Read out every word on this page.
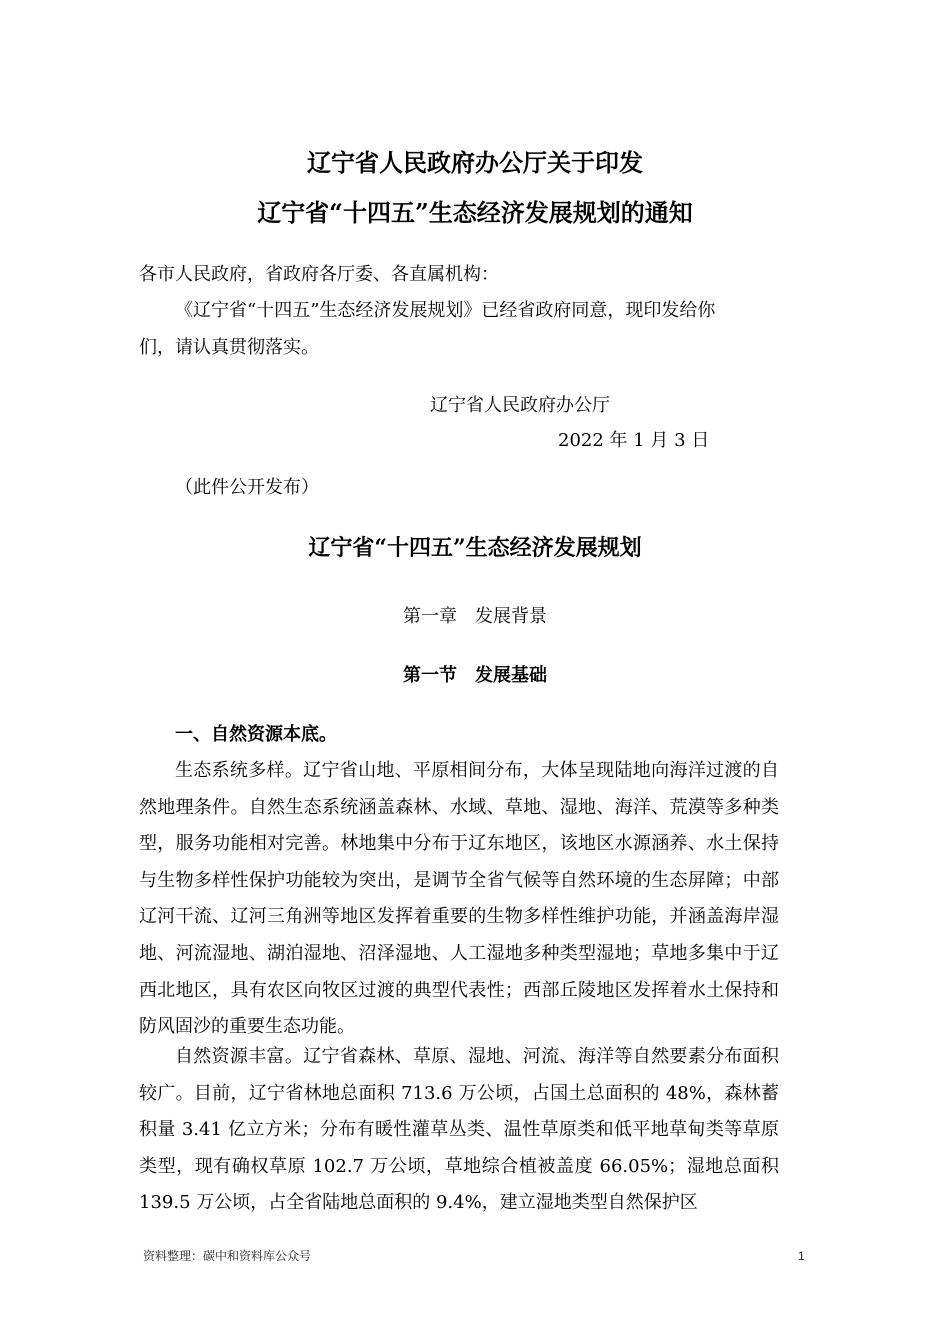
辽宁省人民政府办公厅关于印发
辽宁省“十四五”生态经济发展规划的通知
各市人民政府，省政府各厅委、各直属机构：
《辽宁省“十四五”生态经济发展规划》已经省政府同意，现印发给你
们，请认真贯彻落实。
辽宁省人民政府办公厅
2022 年 1 月 3 日
（此件公开发布）
辽宁省“十四五”生态经济发展规划
第一章　发展背景
第一节　发展基础
一、自然资源本底。

生态系统多样。辽宁省山地、平原相间分布，大体呈现陆地向海洋过渡的自然地理条件。自然生态系统涵盖森林、水域、草地、湿地、海洋、荒漠等多种类型，服务功能相对完善。林地集中分布于辽东地区，该地区水源涵养、水土保持与生物多样性保护功能较为突出，是调节全省气候等自然环境的生态屏障；中部辽河干流、辽河三角洲等地区发挥着重要的生物多样性维护功能，并涵盖海岸湿地、河流湿地、湖泊湿地、沼泽湿地、人工湿地多种类型湿地；草地多集中于辽西北地区，具有农区向牧区过渡的典型代表性；西部丘陵地区发挥着水土保持和防风固沙的重要生态功能。

自然资源丰富。辽宁省森林、草原、湿地、河流、海洋等自然要素分布面积较广。目前，辽宁省林地总面积 713.6 万公顷，占国土总面积的 48%，森林蓄积量 3.41 亿立方米；分布有暖性灌草丛类、温性草原类和低平地草甸类等草原类型，现有确权草原 102.7 万公顷，草地综合植被盖度 66.05%；湿地总面积 139.5 万公顷，占全省陆地总面积的 9.4%，建立湿地类型自然保护区

资料整理：碳中和资料库公众号	1
